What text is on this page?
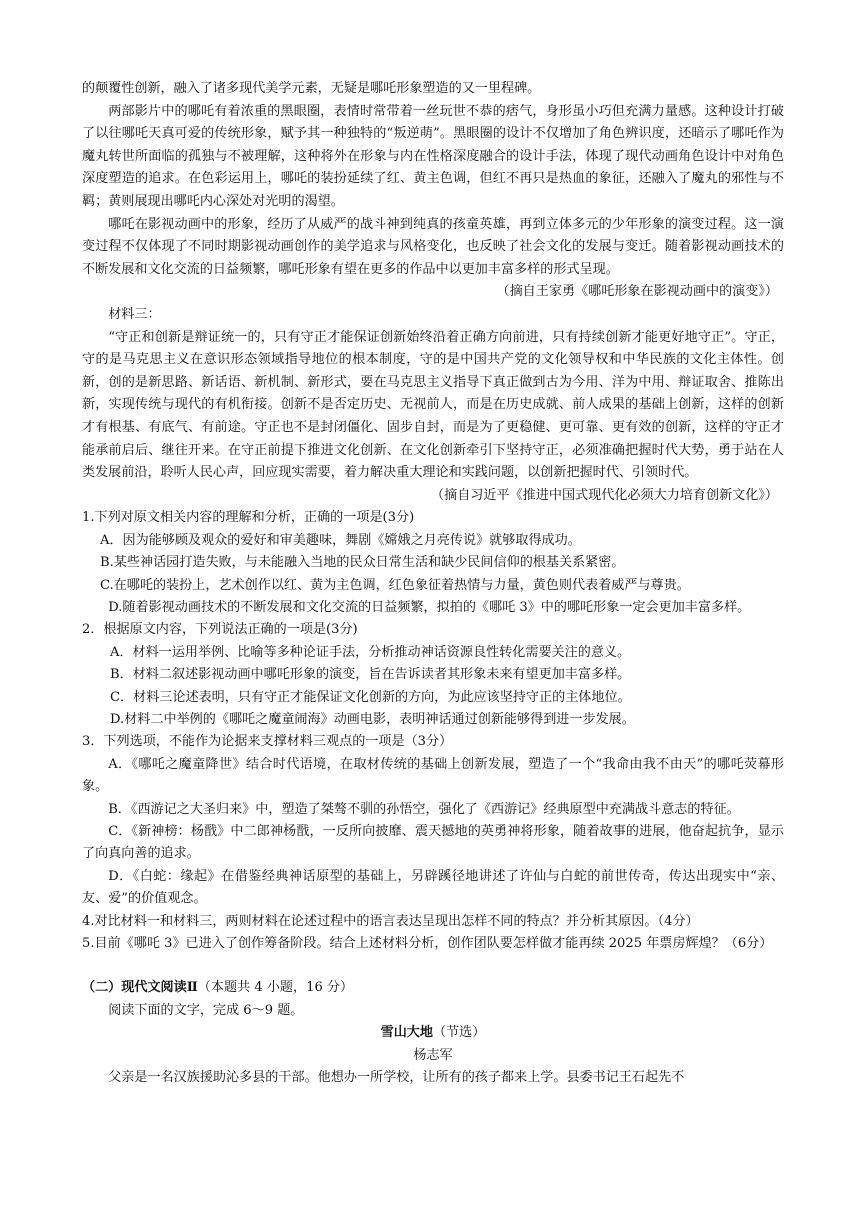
的颠覆性创新，融入了诸多现代美学元素，无疑是哪吒形象塑造的又一里程碑。

两部影片中的哪吒有着浓重的黑眼圈，表情时常带着一丝玩世不恭的痞气，身形虽小巧但充满力量感。这种设计打破了以往哪吒天真可爱的传统形象，赋予其一种独特的“叛逆萌”。黑眼圈的设计不仅增加了角色辨识度，还暗示了哪吒作为魔丸转世所面临的孤独与不被理解，这种将外在形象与内在性格深度融合的设计手法，体现了现代动画角色设计中对角色深度塑造的追求。在色彩运用上，哪吒的装扮延续了红、黄主色调，但红不再只是热血的象征，还融入了魔丸的邪性与不羁；黄则展现出哪吒内心深处对光明的渴望。

哪吒在影视动画中的形象，经历了从威严的战斗神到纯真的孩童英雄，再到立体多元的少年形象的演变过程。这一演变过程不仅体现了不同时期影视动画创作的美学追求与风格变化，也反映了社会文化的发展与变迁。随着影视动画技术的不断发展和文化交流的日益频繁，哪吒形象有望在更多的作品中以更加丰富多样的形式呈现。

（摘自王家勇《哪吒形象在影视动画中的演变》）

材料三：

“守正和创新是辩证统一的，只有守正才能保证创新始终沿着正确方向前进，只有持续创新才能更好地守正”。守正，守的是马克思主义在意识形态领域指导地位的根本制度，守的是中国共产党的文化领导权和中华民族的文化主体性。创新，创的是新思路、新话语、新机制、新形式，要在马克思主义指导下真正做到古为今用、洋为中用、辩证取舍、推陈出新，实现传统与现代的有机衔接。创新不是否定历史、无视前人，而是在历史成就、前人成果的基础上创新，这样的创新才有根基、有底气、有前途。守正也不是封闭僵化、固步自封，而是为了更稳健、更可靠、更有效的创新，这样的守正才能承前启后、继往开来。在守正前提下推进文化创新、在文化创新牵引下坚持守正，必须准确把握时代大势，勇于站在人类发展前沿，聆听人民心声，回应现实需要，着力解决重大理论和实践问题，以创新把握时代、引领时代。

（摘自习近平《推进中国式现代化必须大力培育创新文化》）

1.下列对原文相关内容的理解和分析，正确的一项是(3分)

A．因为能够顾及观众的爱好和审美趣味，舞剧《嫦娥之月亮传说》就够取得成功。

B.某些神话园打造失败，与未能融入当地的民众日常生活和缺少民间信仰的根基关系紧密。

C.在哪吒的装扮上，艺术创作以红、黄为主色调，红色象征着热情与力量，黄色则代表着威严与尊贵。

D.随着影视动画技术的不断发展和文化交流的日益频繁，拟拍的《哪吒 3》中的哪吒形象一定会更加丰富多样。

2．根据原文内容，下列说法正确的一项是(3分)

A．材料一运用举例、比喻等多种论证手法，分析推动神话资源良性转化需要关注的意义。

B．材料二叙述影视动画中哪吒形象的演变，旨在告诉读者其形象未来有望更加丰富多样。

C．材料三论述表明，只有守正才能保证文化创新的方向，为此应该坚持守正的主体地位。

D.材料二中举例的《哪吒之魔童闹海》动画电影，表明神话通过创新能够得到进一步发展。

3．下列选项，不能作为论据来支撑材料三观点的一项是（3分）

A．《哪吒之魔童降世》结合时代语境，在取材传统的基础上创新发展，塑造了一个“我命由我不由天”的哪吒荧幕形象。

B．《西游记之大圣归来》中，塑造了桀骜不驯的孙悟空，强化了《西游记》经典原型中充满战斗意志的特征。

C．《新神榜：杨戬》中二郎神杨戬，一反所向披靡、震天撼地的英勇神将形象，随着故事的进展，他奋起抗争，显示了向真向善的追求。

D．《白蛇：缘起》在借鉴经典神话原型的基础上，另辟蹊径地讲述了许仙与白蛇的前世传奇，传达出现实中“亲、友、爱”的价值观念。

4.对比材料一和材料三，两则材料在论述过程中的语言表达呈现出怎样不同的特点？并分析其原因。（4分）

5.目前《哪吒 3》已进入了创作筹备阶段。结合上述材料分析，创作团队要怎样做才能再续 2025 年票房辉煌？（6分）

（二）现代文阅读Ⅱ（本题共 4 小题，16 分）

阅读下面的文字，完成 6～9 题。

雪山大地（节选）

杨志军

父亲是一名汉族援助沁多县的干部。他想办一所学校，让所有的孩子都来上学。县委书记王石起先不
